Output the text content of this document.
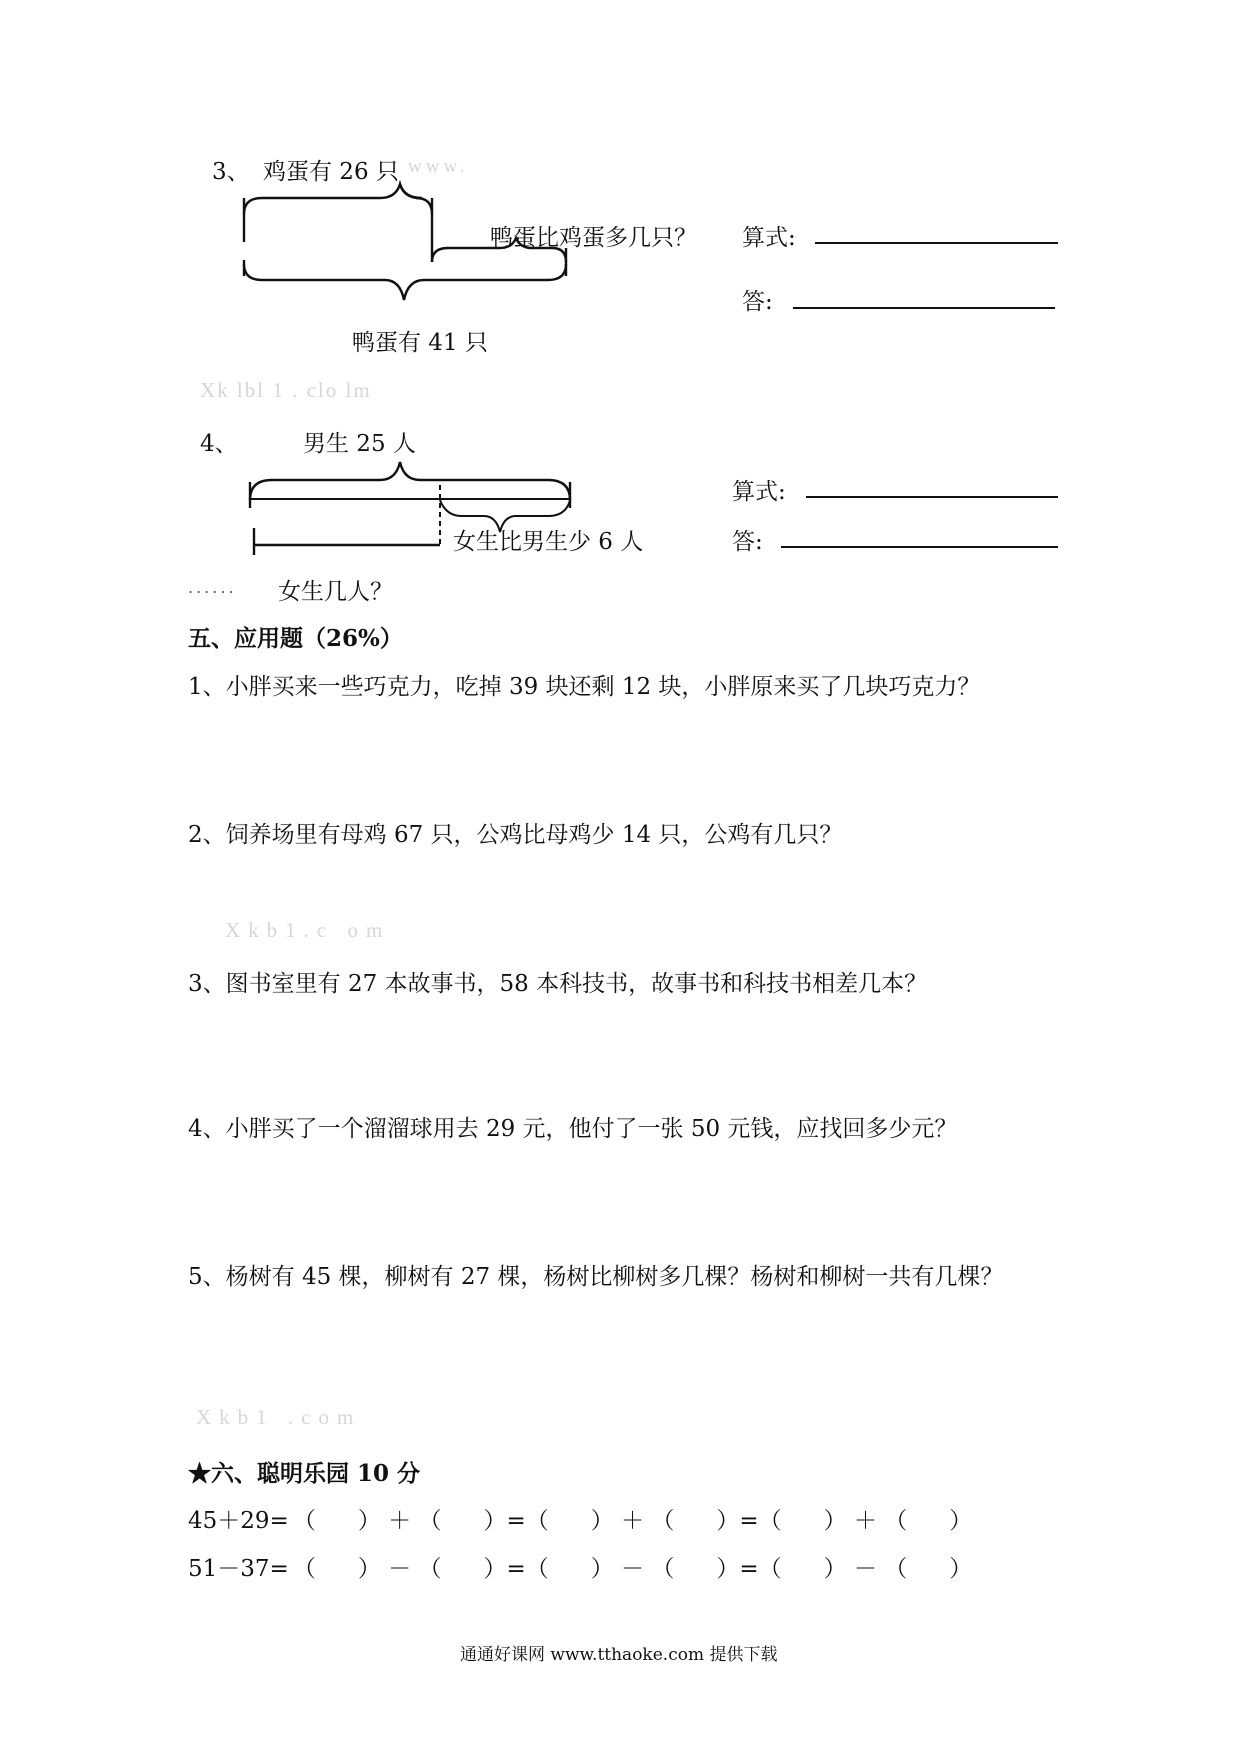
3、 鸡蛋有 26 只 www.
鸭蛋比鸡蛋多几只？ 算式:
答:
鸭蛋有 41 只
Xk lbl 1 . clo lm
4、	男生 25 人
女生比男生少 6 人
算式:
答:
...... 女生几人？
五、应用题（26%）
1、小胖买来一些巧克力，吃掉 39 块还剩 12 块，小胖原来买了几块巧克力？
2、饲养场里有母鸡 67 只，公鸡比母鸡少 14 只，公鸡有几只？
Xkb1.c om
3、图书室里有 27 本故事书，58 本科技书，故事书和科技书相差几本？
4、小胖买了一个溜溜球用去 29 元，他付了一张 50 元钱，应找回多少元？
5、杨树有 45 棵，柳树有 27 棵，杨树比柳树多几棵？杨树和柳树一共有几棵？
Xkb1 .com
★六、聪明乐园 10 分
45＋29= （ ） ＋ （ ）=（ ） ＋ （ ）=（ ） ＋ （ ）
51－37= （ ） － （ ）=（ ） － （ ）=（ ） － （ ）
通通好课网 www.tthaoke.com 提供下载
